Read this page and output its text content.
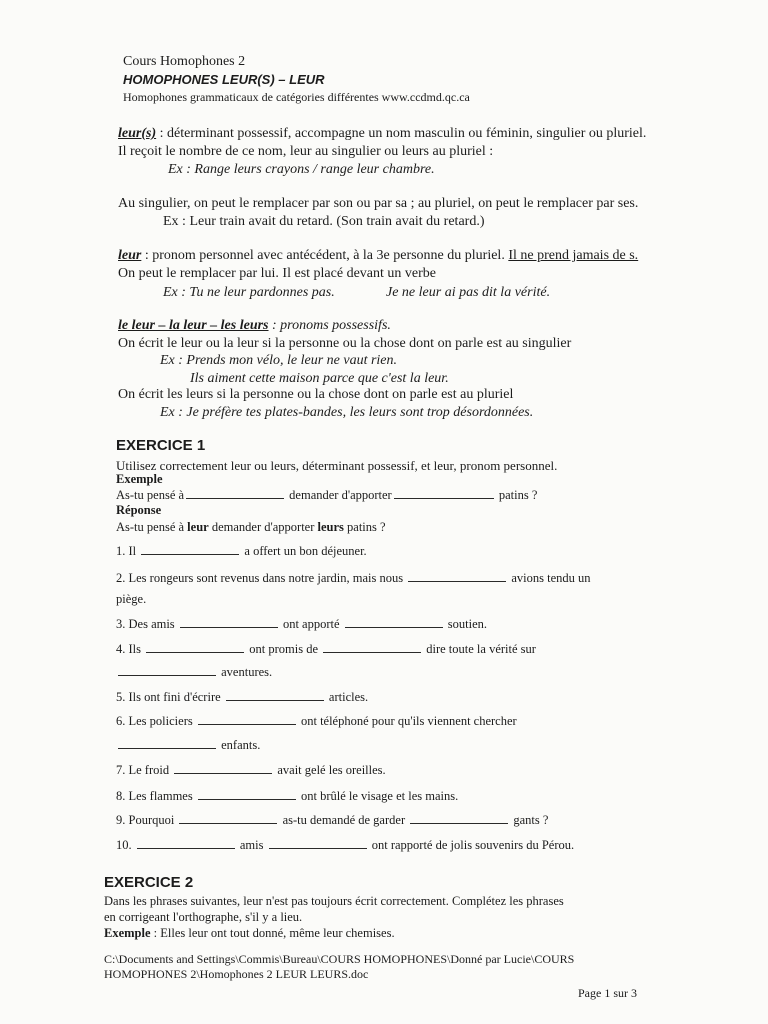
Cours Homophones 2
HOMOPHONES LEUR(S) – LEUR
Homophones grammaticaux de catégories différentes www.ccdmd.qc.ca
leur(s) : déterminant possessif, accompagne un nom masculin ou féminin, singulier ou pluriel.
Il reçoit le nombre de ce nom, leur au singulier ou leurs au pluriel :
Ex : Range leurs crayons / range leur chambre.
Au singulier, on peut le remplacer par son ou par sa ; au pluriel, on peut le remplacer par ses.
Ex : Leur train avait du retard. (Son train avait du retard.)
leur : pronom personnel avec antécédent, à la 3e personne du pluriel. Il ne prend jamais de s.
On peut le remplacer par lui. Il est placé devant un verbe
Ex : Tu ne leur pardonnes pas.	Je ne leur ai pas dit la vérité.
le leur – la leur – les leurs : pronoms possessifs.
On écrit le leur ou la leur si la personne ou la chose dont on parle est au singulier
Ex : Prends mon vélo, le leur ne vaut rien.
Ils aiment cette maison parce que c'est la leur.
On écrit les leurs si la personne ou la chose dont on parle est au pluriel
Ex : Je préfère tes plates-bandes, les leurs sont trop désordonnées.
EXERCICE 1
Utilisez correctement leur ou leurs, déterminant possessif, et leur, pronom personnel.
Exemple
As-tu pensé à	demander d'apporter	patins ?
Réponse
As-tu pensé à leur demander d'apporter leurs patins ?
1. Il	a offert un bon déjeuner.
2. Les rongeurs sont revenus dans notre jardin, mais nous	avions tendu un
piège.
3. Des amis	ont apporté	soutien.
4. Ils	ont promis de	dire toute la vérité sur
aventures.
5. Ils ont fini d'écrire	articles.
6. Les policiers	ont téléphoné pour qu'ils viennent chercher
enfants.
7. Le froid	avait gelé les oreilles.
8. Les flammes	ont brûlé le visage et les mains.
9. Pourquoi	as-tu demandé de garder	gants ?
10.	amis	ont rapporté de jolis souvenirs du Pérou.
EXERCICE 2
Dans les phrases suivantes, leur n'est pas toujours écrit correctement. Complétez les phrases
en corrigeant l'orthographe, s'il y a lieu.
Exemple : Elles leur ont tout donné, même leur chemises.
C:\Documents and Settings\Commis\Bureau\COURS HOMOPHONES\Donné par Lucie\COURS
HOMOPHONES 2\Homophones 2 LEUR LEURS.doc
Page 1 sur 3
